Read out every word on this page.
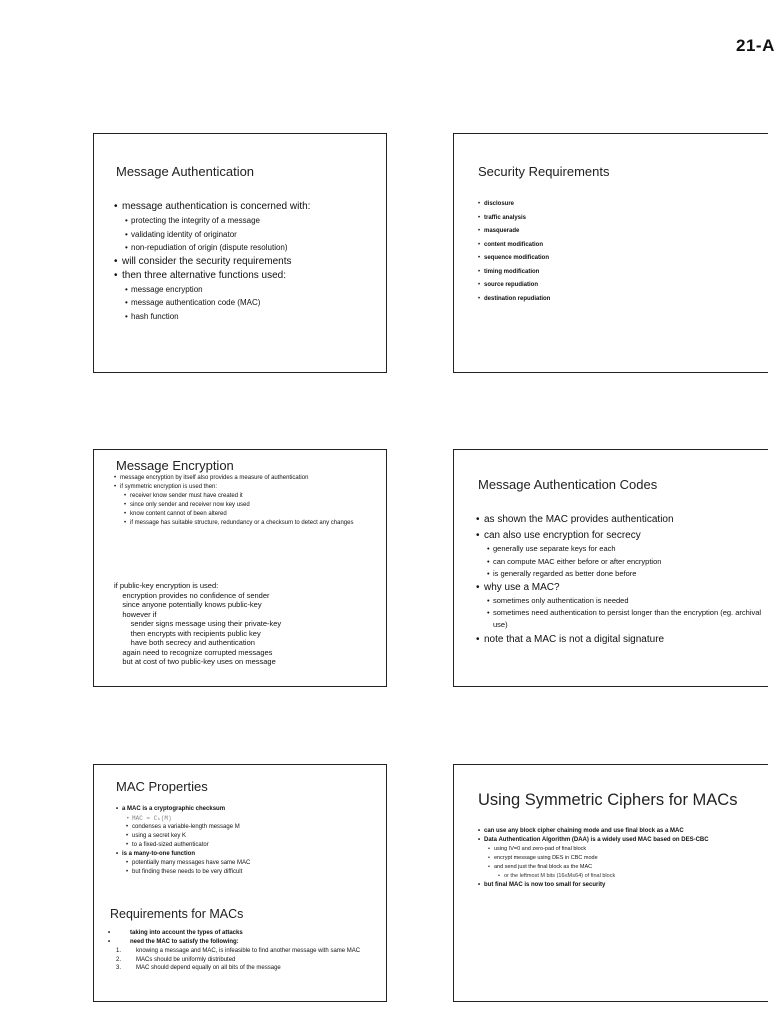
21-A
Message Authentication
• message authentication is concerned with:
• protecting the integrity of a message
• validating identity of originator
• non-repudiation of origin (dispute resolution)
• will consider the security requirements
• then three alternative functions used:
• message encryption
• message authentication code (MAC)
• hash function
Security Requirements
• disclosure
• traffic analysis
• masquerade
• content modification
• sequence modification
• timing modification
• source repudiation
• destination repudiation
Message Encryption
• message encryption by itself also provides a measure of authentication
• if symmetric encryption is used then:
• receiver know sender must have created it
• since only sender and receiver now key used
• know content cannot of been altered
• if message has suitable structure, redundancy or a checksum to detect any changes
if public-key encryption is used:
encryption provides no confidence of sender
since anyone potentially knows public-key
however if
sender signs message using their private-key
then encrypts with recipients public key
have both secrecy and authentication
again need to recognize corrupted messages
but at cost of two public-key uses on message
Message Authentication Codes
• as shown the MAC provides authentication
• can also use encryption for secrecy
• generally use separate keys for each
• can compute MAC either before or after encryption
• is generally regarded as better done before
• why use a MAC?
• sometimes only authentication is needed
• sometimes need authentication to persist longer than the encryption (eg. archival use)
• note that a MAC is not a digital signature
MAC Properties
• a MAC is a cryptographic checksum
• MAC = Cₖ(M)
• condenses a variable-length message M
• using a secret key K
• to a fixed-sized authenticator
• is a many-to-one function
• potentially many messages have same MAC
• but finding these needs to be very difficult
Requirements for MACs
• taking into account the types of attacks
• need the MAC to satisfy the following:
1. knowing a message and MAC, is infeasible to find another message with same MAC
2. MACs should be uniformly distributed
3. MAC should depend equally on all bits of the message
Using Symmetric Ciphers for MACs
• can use any block cipher chaining mode and use final block as a MAC
• Data Authentication Algorithm (DAA) is a widely used MAC based on DES-CBC
• using IV=0 and zero-pad of final block
• encrypt message using DES in CBC mode
• and send just the final block as the MAC
• or the leftmost M bits (16≤M≤64) of final block
• but final MAC is now too small for security
